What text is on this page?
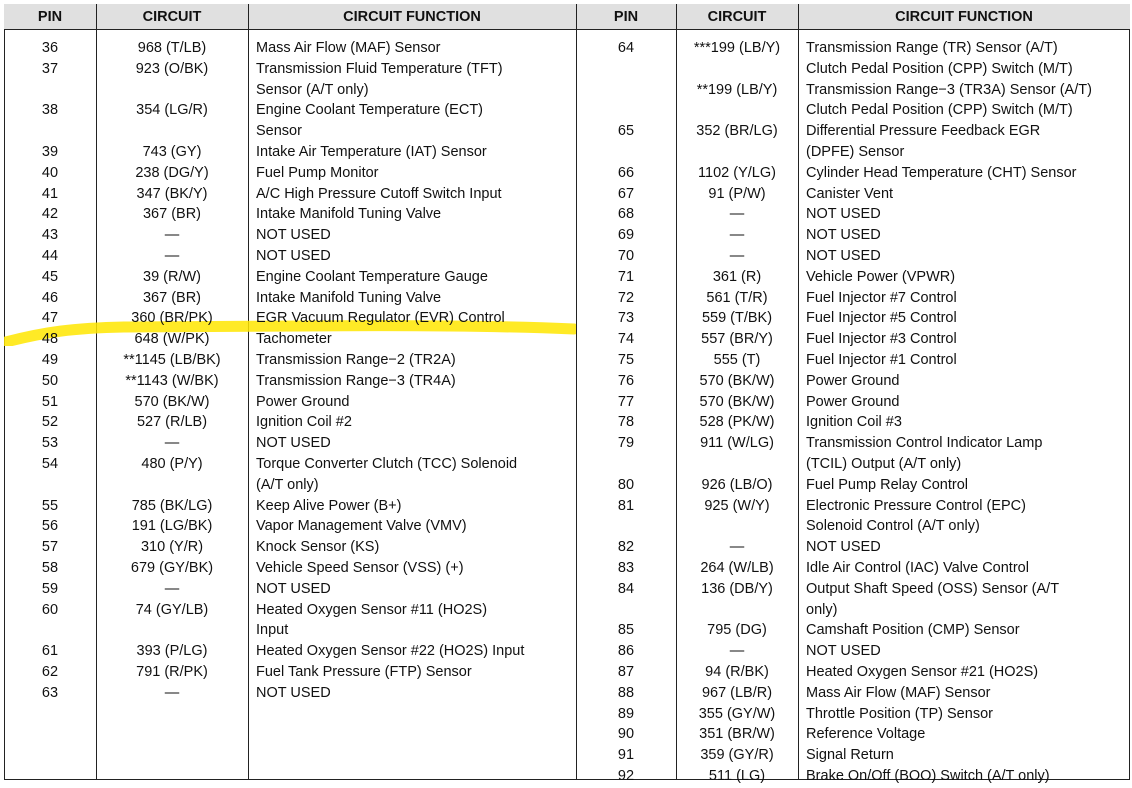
PIN	CIRCUIT	CIRCUIT FUNCTION	PIN	CIRCUIT	CIRCUIT FUNCTION
36	968 (T/LB)	Mass Air Flow (MAF) Sensor
37	923 (O/BK)	Transmission Fluid Temperature (TFT)
Sensor (A/T only)
38	354 (LG/R)	Engine Coolant Temperature (ECT)
Sensor
39	743 (GY)	Intake Air Temperature (IAT) Sensor
40	238 (DG/Y)	Fuel Pump Monitor
41	347 (BK/Y)	A/C High Pressure Cutoff Switch Input
42	367 (BR)	Intake Manifold Tuning Valve
43	—	NOT USED
44	—	NOT USED
45	39 (R/W)	Engine Coolant Temperature Gauge
46	367 (BR)	Intake Manifold Tuning Valve
47	360 (BR/PK)	EGR Vacuum Regulator (EVR) Control
48	648 (W/PK)	Tachometer
49	**1145 (LB/BK)	Transmission Range−2 (TR2A)
50	**1143 (W/BK)	Transmission Range−3 (TR4A)
51	570 (BK/W)	Power Ground
52	527 (R/LB)	Ignition Coil #2
53	—	NOT USED
54	480 (P/Y)	Torque Converter Clutch (TCC) Solenoid
(A/T only)
55	785 (BK/LG)	Keep Alive Power (B+)
56	191 (LG/BK)	Vapor Management Valve (VMV)
57	310 (Y/R)	Knock Sensor (KS)
58	679 (GY/BK)	Vehicle Speed Sensor (VSS) (+)
59	—	NOT USED
60	74 (GY/LB)	Heated Oxygen Sensor #11 (HO2S)
Input
61	393 (P/LG)	Heated Oxygen Sensor #22 (HO2S) Input
62	791 (R/PK)	Fuel Tank Pressure (FTP) Sensor
63	—	NOT USED
64	***199 (LB/Y)	Transmission Range (TR) Sensor (A/T)
Clutch Pedal Position (CPP) Switch (M/T)
**199 (LB/Y)	Transmission Range−3 (TR3A) Sensor (A/T)
Clutch Pedal Position (CPP) Switch (M/T)
65	352 (BR/LG)	Differential Pressure Feedback EGR
(DPFE) Sensor
66	1102 (Y/LG)	Cylinder Head Temperature (CHT) Sensor
67	91 (P/W)	Canister Vent
68	—	NOT USED
69	—	NOT USED
70	—	NOT USED
71	361 (R)	Vehicle Power (VPWR)
72	561 (T/R)	Fuel Injector #7 Control
73	559 (T/BK)	Fuel Injector #5 Control
74	557 (BR/Y)	Fuel Injector #3 Control
75	555 (T)	Fuel Injector #1 Control
76	570 (BK/W)	Power Ground
77	570 (BK/W)	Power Ground
78	528 (PK/W)	Ignition Coil #3
79	911 (W/LG)	Transmission Control Indicator Lamp
(TCIL) Output (A/T only)
80	926 (LB/O)	Fuel Pump Relay Control
81	925 (W/Y)	Electronic Pressure Control (EPC)
Solenoid Control (A/T only)
82	—	NOT USED
83	264 (W/LB)	Idle Air Control (IAC) Valve Control
84	136 (DB/Y)	Output Shaft Speed (OSS) Sensor (A/T
only)
85	795 (DG)	Camshaft Position (CMP) Sensor
86	—	NOT USED
87	94 (R/BK)	Heated Oxygen Sensor #21 (HO2S)
88	967 (LB/R)	Mass Air Flow (MAF) Sensor
89	355 (GY/W)	Throttle Position (TP) Sensor
90	351 (BR/W)	Reference Voltage
91	359 (GY/R)	Signal Return
92	511 (LG)	Brake On/Off (BOO) Switch (A/T only)
